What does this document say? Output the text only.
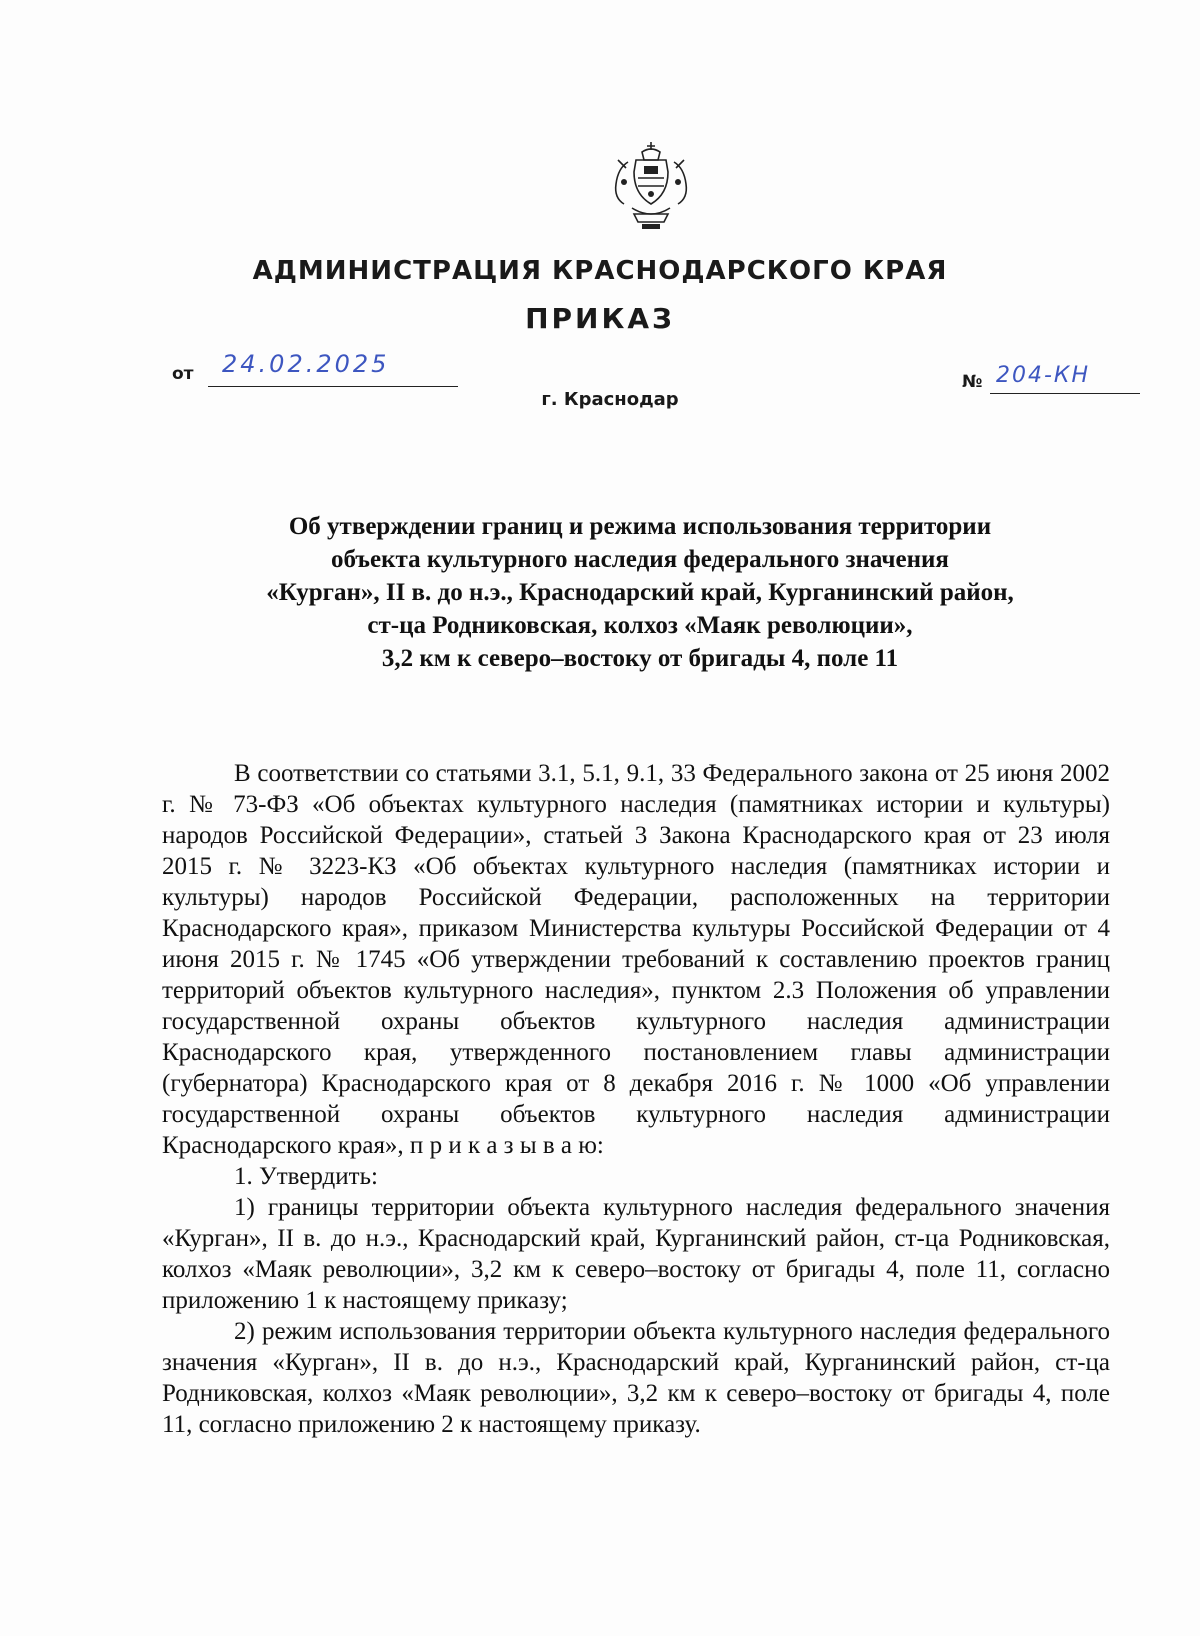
АДМИНИСТРАЦИЯ КРАСНОДАРСКОГО КРАЯ
ПРИКАЗ
от 24.02.2025
г. Краснодар
№ 204-КН
Об утверждении границ и режима использования территории
объекта культурного наследия федерального значения
«Курган», II в. до н.э., Краснодарский край, Курганинский район,
ст-ца Родниковская, колхоз «Маяк революции»,
3,2 км к северо–востоку от бригады 4, поле 11

В соответствии со статьями 3.1, 5.1, 9.1, 33 Федерального закона от 25 июня 2002 г. № 73-ФЗ «Об объектах культурного наследия (памятниках истории и культуры) народов Российской Федерации», статьей 3 Закона Краснодарского края от 23 июля 2015 г. № 3223-КЗ «Об объектах культурного наследия (памятниках истории и культуры) народов Российской Федерации, расположенных на территории Краснодарского края», приказом Министерства культуры Российской Федерации от 4 июня 2015 г. № 1745 «Об утверждении требований к составлению проектов границ территорий объектов культурного наследия», пунктом 2.3 Положения об управлении государственной охраны объектов культурного наследия администрации Краснодарского края, утвержденного постановлением главы администрации (губернатора) Краснодарского края от 8 декабря 2016 г. № 1000 «Об управлении государственной охраны объектов культурного наследия администрации Краснодарского края», п р и к а з ы в а ю:

1. Утвердить:

1) границы территории объекта культурного наследия федерального значения «Курган», II в. до н.э., Краснодарский край, Курганинский район, ст-ца Родниковская, колхоз «Маяк революции», 3,2 км к северо–востоку от бригады 4, поле 11, согласно приложению 1 к настоящему приказу;

2) режим использования территории объекта культурного наследия федерального значения «Курган», II в. до н.э., Краснодарский край, Курганинский район, ст-ца Родниковская, колхоз «Маяк революции», 3,2 км к северо–востоку от бригады 4, поле 11, согласно приложению 2 к настоящему приказу.
